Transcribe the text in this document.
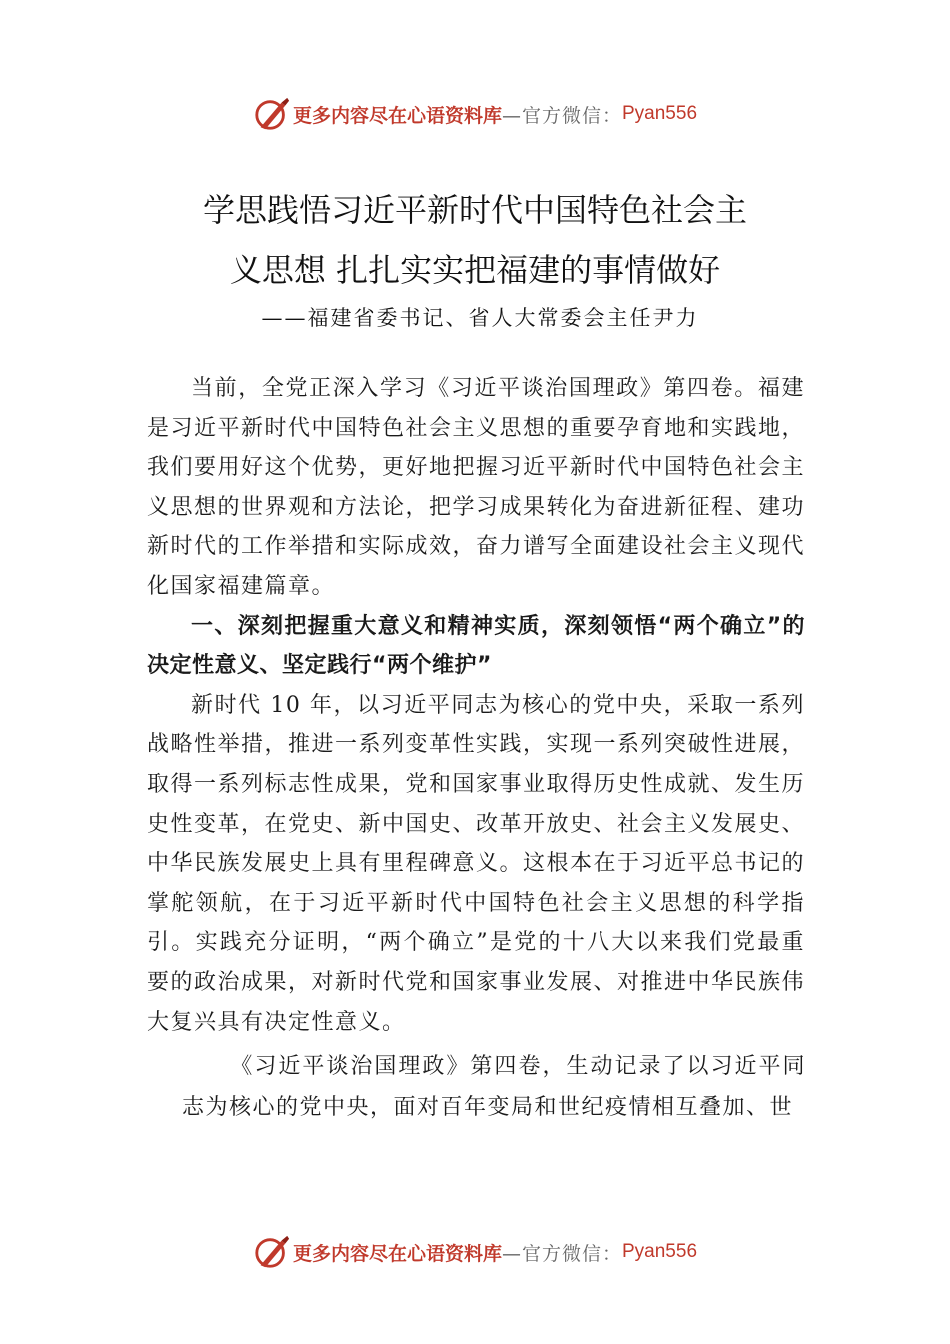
更多内容尽在心语资料库 —官方微信： Pyan556
学思践悟习近平新时代中国特色社会主
义思想 扎扎实实把福建的事情做好
——福建省委书记、省人大常委会主任尹力

当前，全党正深入学习《习近平谈治国理政》第四卷。福建是习近平新时代中国特色社会主义思想的重要孕育地和实践地，我们要用好这个优势，更好地把握习近平新时代中国特色社会主义思想的世界观和方法论，把学习成果转化为奋进新征程、建功新时代的工作举措和实际成效，奋力谱写全面建设社会主义现代化国家福建篇章。

一、深刻把握重大意义和精神实质，深刻领悟“两个确立”的决定性意义、坚定践行“两个维护”

新时代 10 年，以习近平同志为核心的党中央，采取一系列战略性举措，推进一系列变革性实践，实现一系列突破性进展，取得一系列标志性成果，党和国家事业取得历史性成就、发生历史性变革，在党史、新中国史、改革开放史、社会主义发展史、中华民族发展史上具有里程碑意义。这根本在于习近平总书记的掌舵领航，在于习近平新时代中国特色社会主义思想的科学指引。实践充分证明，“两个确立”是党的十八大以来我们党最重要的政治成果，对新时代党和国家事业发展、对推进中华民族伟大复兴具有决定性意义。

《习近平谈治国理政》第四卷，生动记录了以习近平同志为核心的党中央，面对百年变局和世纪疫情相互叠加、世

更多内容尽在心语资料库 —官方微信： Pyan556
